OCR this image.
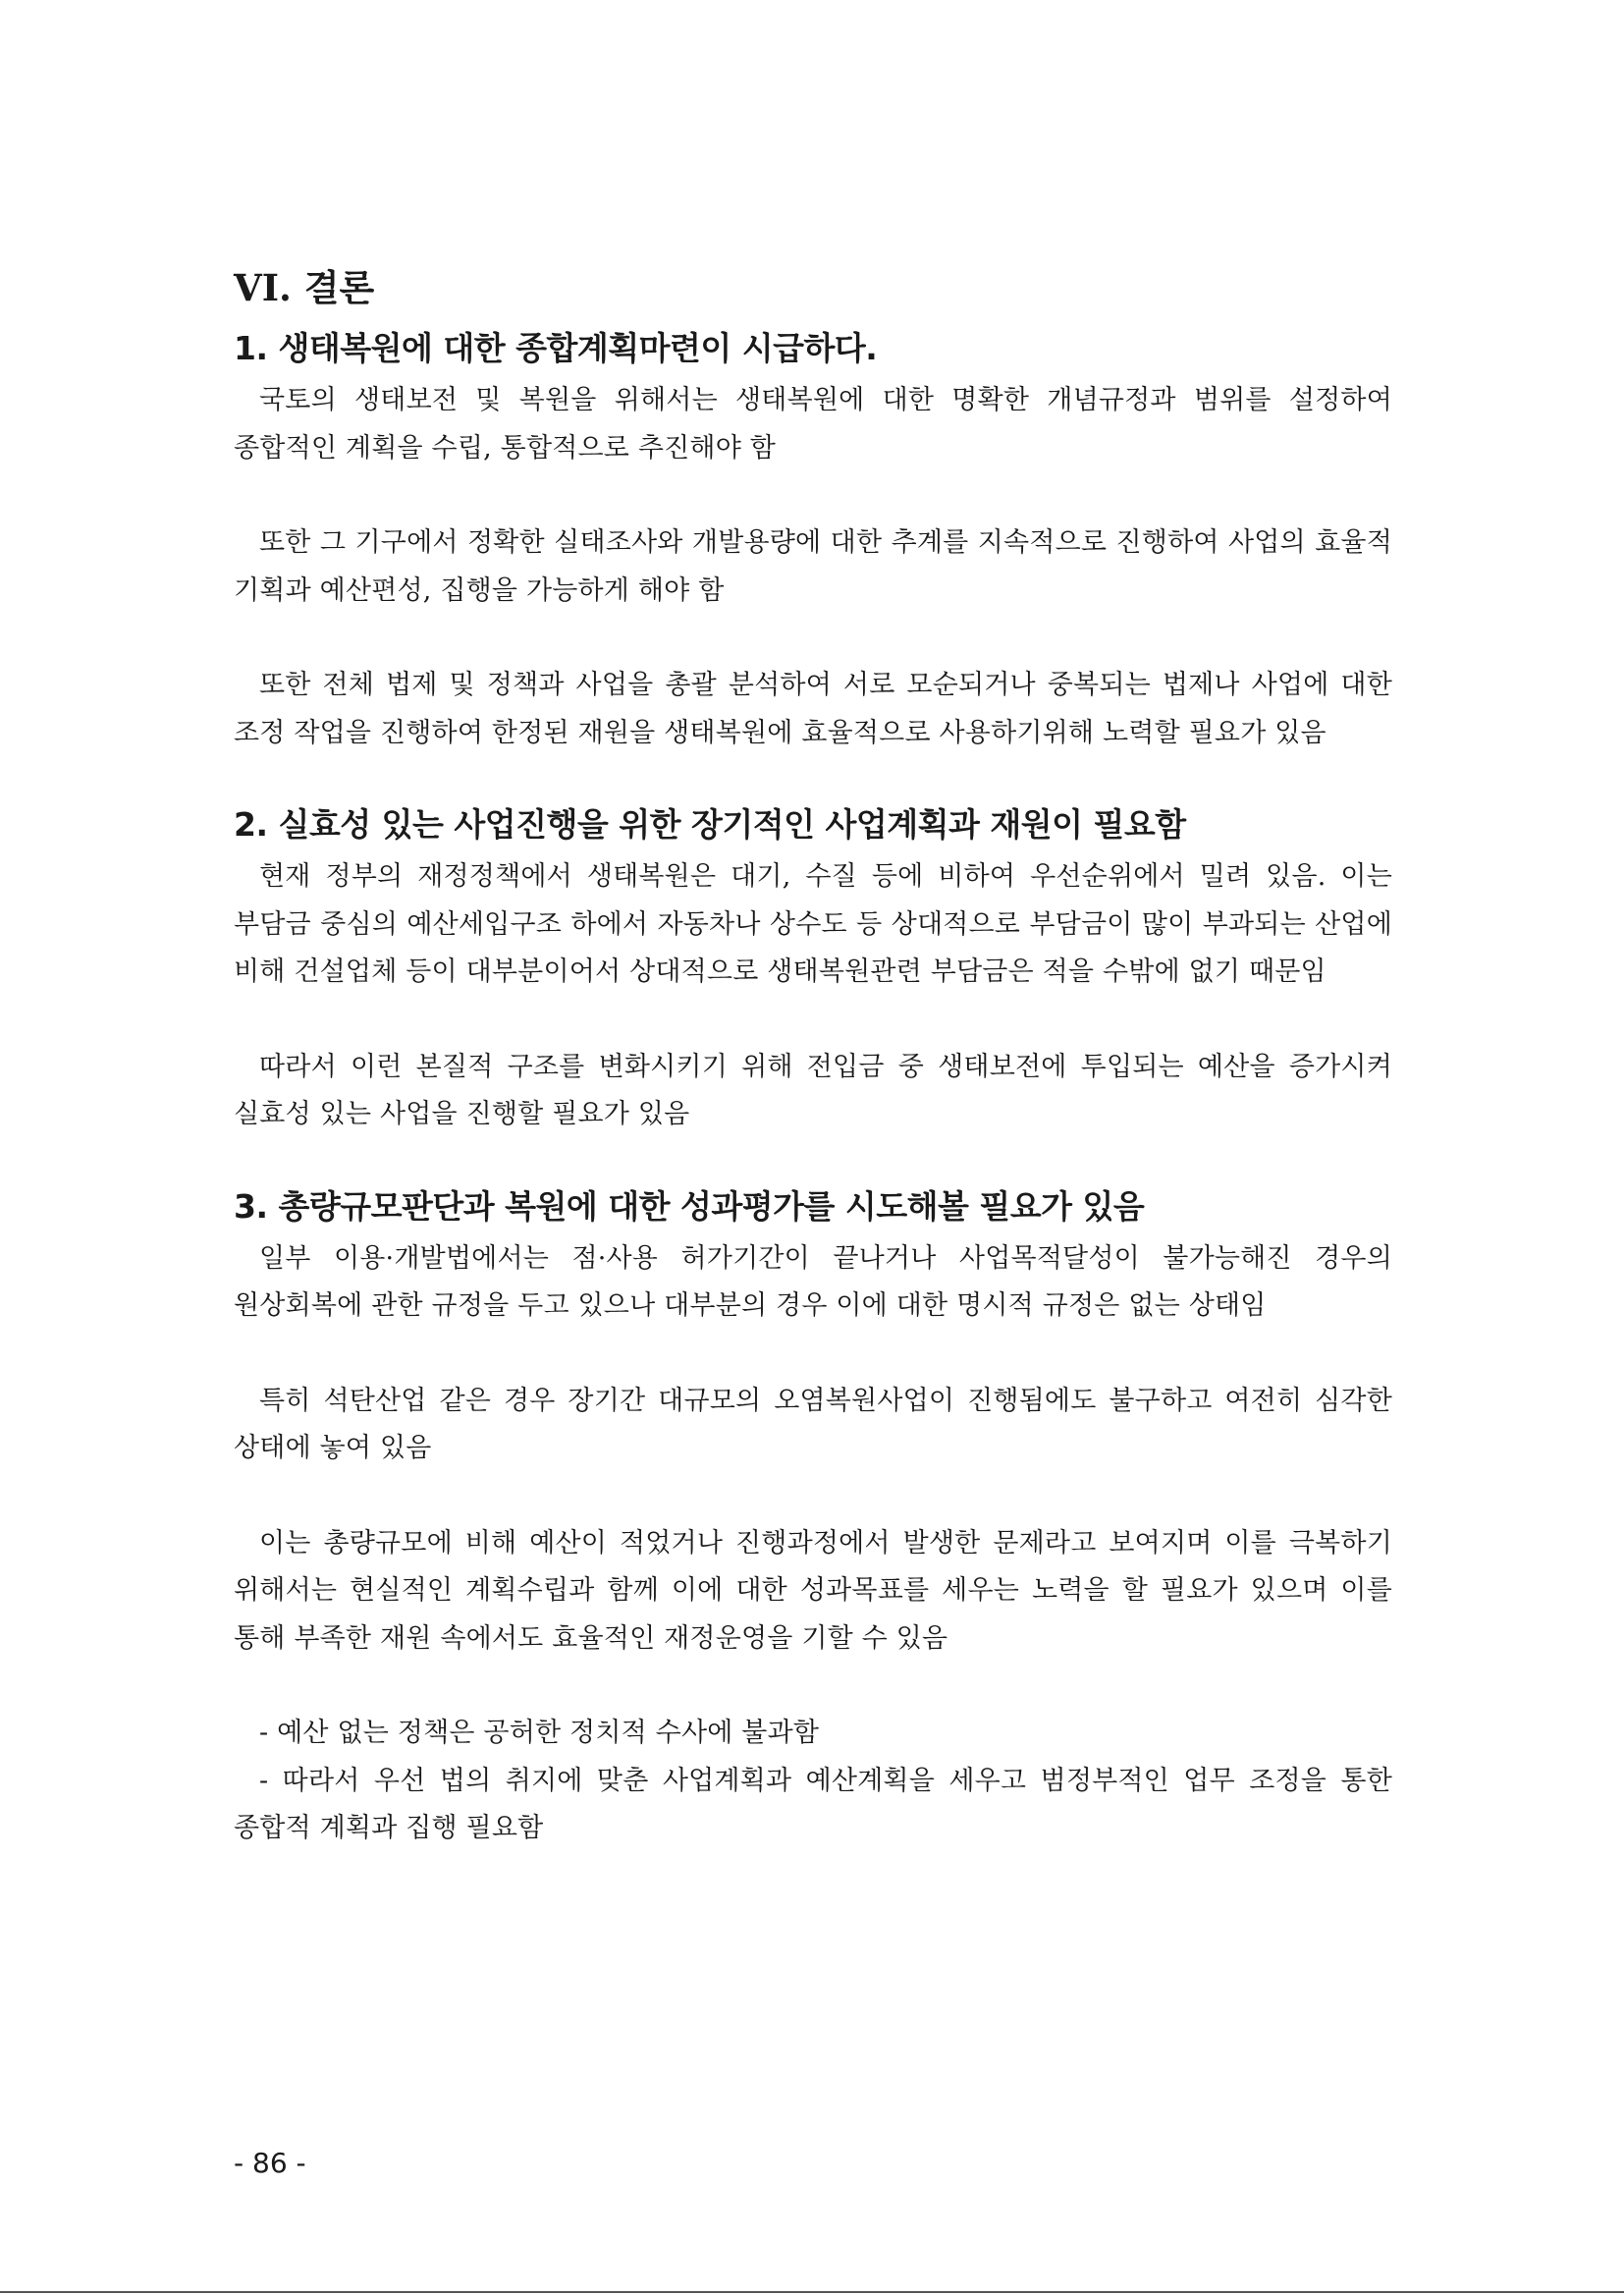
VI. 결론
1. 생태복원에 대한 종합계획마련이 시급하다.

국토의 생태보전 및 복원을 위해서는 생태복원에 대한 명확한 개념규정과 범위를 설정하여 종합적인 계획을 수립, 통합적으로 추진해야 함

또한 그 기구에서 정확한 실태조사와 개발용량에 대한 추계를 지속적으로 진행하여 사업의 효율적 기획과 예산편성, 집행을 가능하게 해야 함

또한 전체 법제 및 정책과 사업을 총괄 분석하여 서로 모순되거나 중복되는 법제나 사업에 대한 조정 작업을 진행하여 한정된 재원을 생태복원에 효율적으로 사용하기위해 노력할 필요가 있음

2. 실효성 있는 사업진행을 위한 장기적인 사업계획과 재원이 필요함

현재 정부의 재정정책에서 생태복원은 대기, 수질 등에 비하여 우선순위에서 밀려 있음. 이는 부담금 중심의 예산세입구조 하에서 자동차나 상수도 등 상대적으로 부담금이 많이 부과되는 산업에 비해 건설업체 등이 대부분이어서 상대적으로 생태복원관련 부담금은 적을 수밖에 없기 때문임

따라서 이런 본질적 구조를 변화시키기 위해 전입금 중 생태보전에 투입되는 예산을 증가시켜 실효성 있는 사업을 진행할 필요가 있음

3. 총량규모판단과 복원에 대한 성과평가를 시도해볼 필요가 있음

일부 이용·개발법에서는 점·사용 허가기간이 끝나거나 사업목적달성이 불가능해진 경우의 원상회복에 관한 규정을 두고 있으나 대부분의 경우 이에 대한 명시적 규정은 없는 상태임

특히 석탄산업 같은 경우 장기간 대규모의 오염복원사업이 진행됨에도 불구하고 여전히 심각한 상태에 놓여 있음

이는 총량규모에 비해 예산이 적었거나 진행과정에서 발생한 문제라고 보여지며 이를 극복하기 위해서는 현실적인 계획수립과 함께 이에 대한 성과목표를 세우는 노력을 할 필요가 있으며 이를 통해 부족한 재원 속에서도 효율적인 재정운영을 기할 수 있음

- 예산 없는 정책은 공허한 정치적 수사에 불과함

- 따라서 우선 법의 취지에 맞춘 사업계획과 예산계획을 세우고 범정부적인 업무 조정을 통한 종합적 계획과 집행 필요함

- 86 -
